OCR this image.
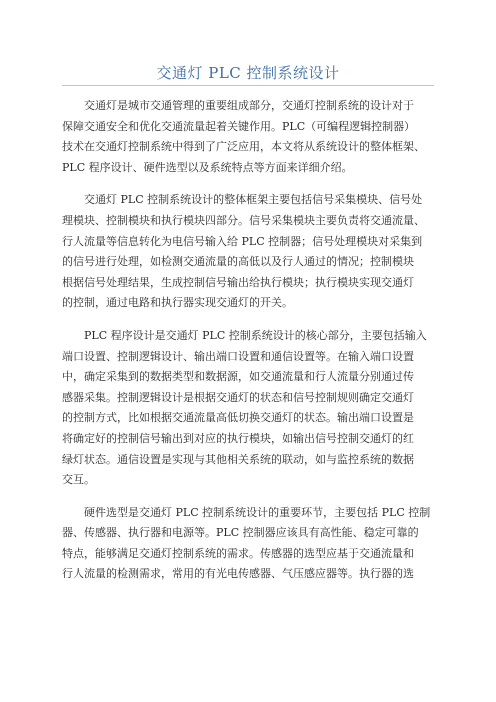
交通灯 PLC 控制系统设计

　　交通灯是城市交通管理的重要组成部分，交通灯控制系统的设计对于
保障交通安全和优化交通流量起着关键作用。PLC（可编程逻辑控制器）
技术在交通灯控制系统中得到了广泛应用，本文将从系统设计的整体框架、
PLC 程序设计、硬件选型以及系统特点等方面来详细介绍。

　　交通灯 PLC 控制系统设计的整体框架主要包括信号采集模块、信号处
理模块、控制模块和执行模块四部分。信号采集模块主要负责将交通流量、
行人流量等信息转化为电信号输入给 PLC 控制器；信号处理模块对采集到
的信号进行处理，如检测交通流量的高低以及行人通过的情况；控制模块
根据信号处理结果，生成控制信号输出给执行模块；执行模块实现交通灯
的控制，通过电路和执行器实现交通灯的开关。

　　PLC 程序设计是交通灯 PLC 控制系统设计的核心部分，主要包括输入
端口设置、控制逻辑设计、输出端口设置和通信设置等。在输入端口设置
中，确定采集到的数据类型和数据源，如交通流量和行人流量分别通过传
感器采集。控制逻辑设计是根据交通灯的状态和信号控制规则确定交通灯
的控制方式，比如根据交通流量高低切换交通灯的状态。输出端口设置是
将确定好的控制信号输出到对应的执行模块，如输出信号控制交通灯的红
绿灯状态。通信设置是实现与其他相关系统的联动，如与监控系统的数据
交互。

　　硬件选型是交通灯 PLC 控制系统设计的重要环节，主要包括 PLC 控制
器、传感器、执行器和电源等。PLC 控制器应该具有高性能、稳定可靠的
特点，能够满足交通灯控制系统的需求。传感器的选型应基于交通流量和
行人流量的检测需求，常用的有光电传感器、气压感应器等。执行器的选
